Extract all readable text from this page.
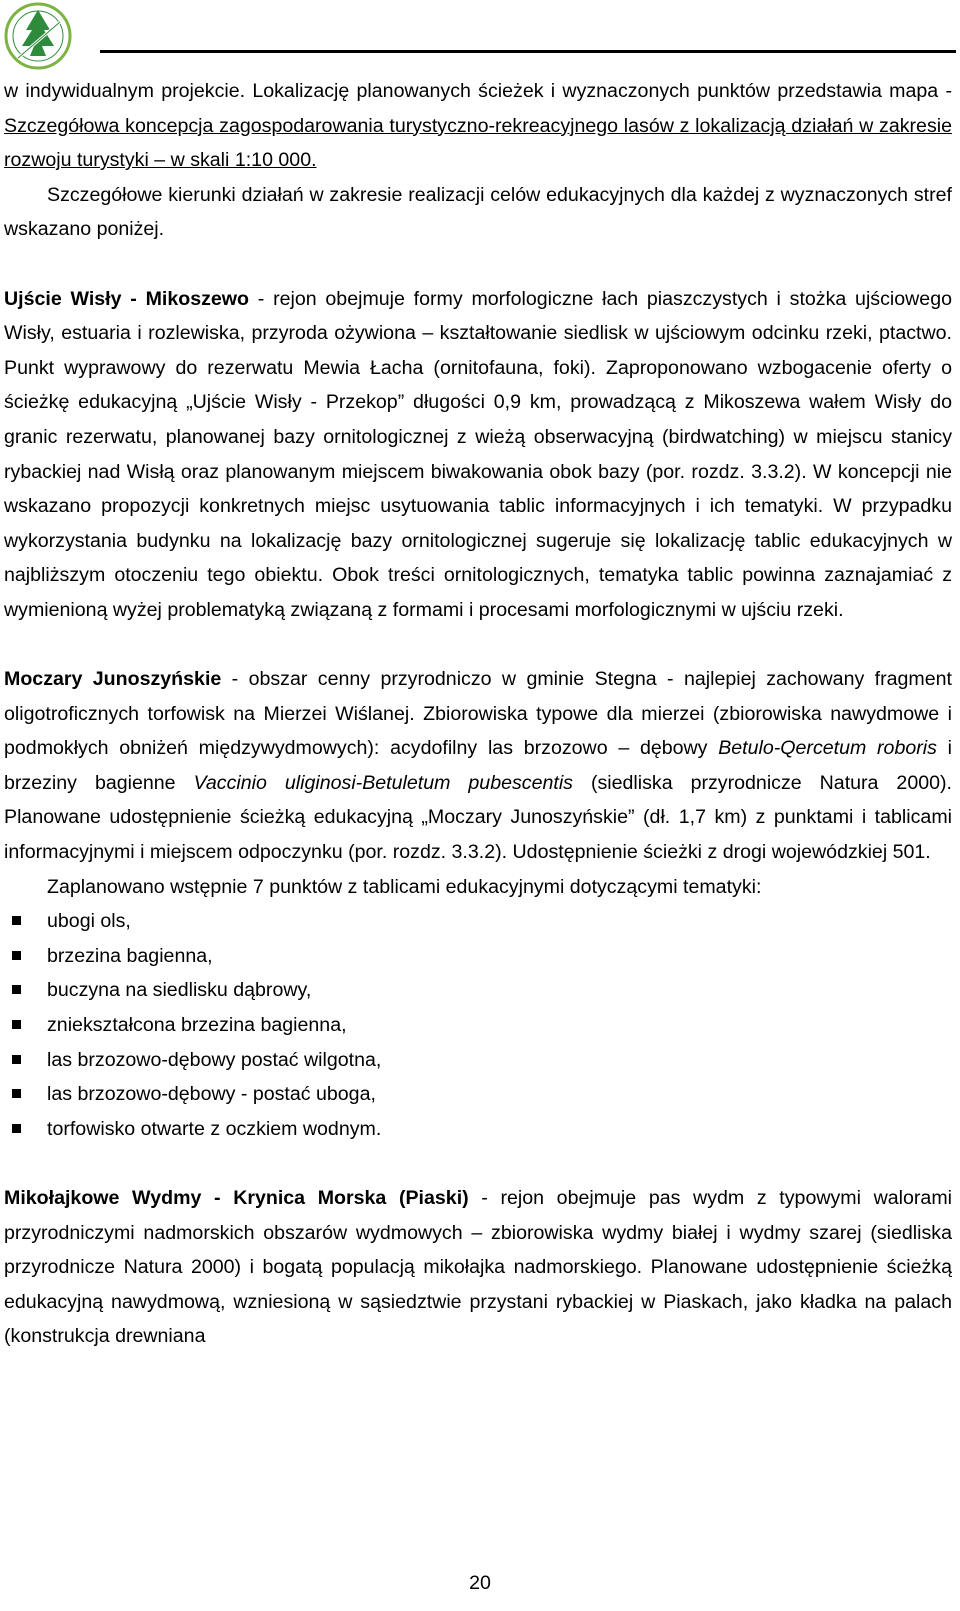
w indywidualnym projekcie. Lokalizację planowanych ścieżek i wyznaczonych punktów przedstawia mapa - Szczegółowa koncepcja zagospodarowania turystyczno-rekreacyjnego lasów z lokalizacją działań w zakresie rozwoju turystyki – w skali 1:10 000.

Szczegółowe kierunki działań w zakresie realizacji celów edukacyjnych dla każdej z wyznaczonych stref wskazano poniżej.

Ujście Wisły - Mikoszewo - rejon obejmuje formy morfologiczne łach piaszczystych i stożka ujściowego Wisły, estuaria i rozlewiska, przyroda ożywiona – kształtowanie siedlisk w ujściowym odcinku rzeki, ptactwo. Punkt wyprawowy do rezerwatu Mewia Łacha (ornitofauna, foki). Zaproponowano wzbogacenie oferty o ścieżkę edukacyjną „Ujście Wisły - Przekop” długości 0,9 km, prowadzącą z Mikoszewa wałem Wisły do granic rezerwatu, planowanej bazy ornitologicznej z wieżą obserwacyjną (birdwatching) w miejscu stanicy rybackiej nad Wisłą oraz planowanym miejscem biwakowania obok bazy (por. rozdz. 3.3.2). W koncepcji nie wskazano propozycji konkretnych miejsc usytuowania tablic informacyjnych i ich tematyki. W przypadku wykorzystania budynku na lokalizację bazy ornitologicznej sugeruje się lokalizację tablic edukacyjnych w najbliższym otoczeniu tego obiektu. Obok treści ornitologicznych, tematyka tablic powinna zaznajamiać z wymienioną wyżej problematyką związaną z formami i procesami morfologicznymi w ujściu rzeki.

Moczary Junoszyńskie - obszar cenny przyrodniczo w gminie Stegna - najlepiej zachowany fragment oligotroficznych torfowisk na Mierzei Wiślanej. Zbiorowiska typowe dla mierzei (zbiorowiska nawydmowe i podmokłych obniżeń międzywydmowych): acydofilny las brzozowo – dębowy Betulo-Qercetum roboris i brzeziny bagienne Vaccinio uliginosi-Betuletum pubescentis (siedliska przyrodnicze Natura 2000). Planowane udostępnienie ścieżką edukacyjną „Moczary Junoszyńskie” (dł. 1,7 km) z punktami i tablicami informacyjnymi i miejscem odpoczynku (por. rozdz. 3.3.2). Udostępnienie ścieżki z drogi wojewódzkiej 501.

Zaplanowano wstępnie 7 punktów z tablicami edukacyjnymi dotyczącymi tematyki:

ubogi ols,
brzezina bagienna,
buczyna na siedlisku dąbrowy,
zniekształcona brzezina bagienna,
las brzozowo-dębowy postać wilgotna,
las brzozowo-dębowy - postać uboga,
torfowisko otwarte z oczkiem wodnym.

Mikołajkowe Wydmy - Krynica Morska (Piaski) - rejon obejmuje pas wydm z typowymi walorami przyrodniczymi nadmorskich obszarów wydmowych – zbiorowiska wydmy białej i wydmy szarej (siedliska przyrodnicze Natura 2000) i bogatą populacją mikołajka nadmorskiego. Planowane udostępnienie ścieżką edukacyjną nawydmową, wzniesioną w sąsiedztwie przystani rybackiej w Piaskach, jako kładka na palach (konstrukcja drewniana

20
